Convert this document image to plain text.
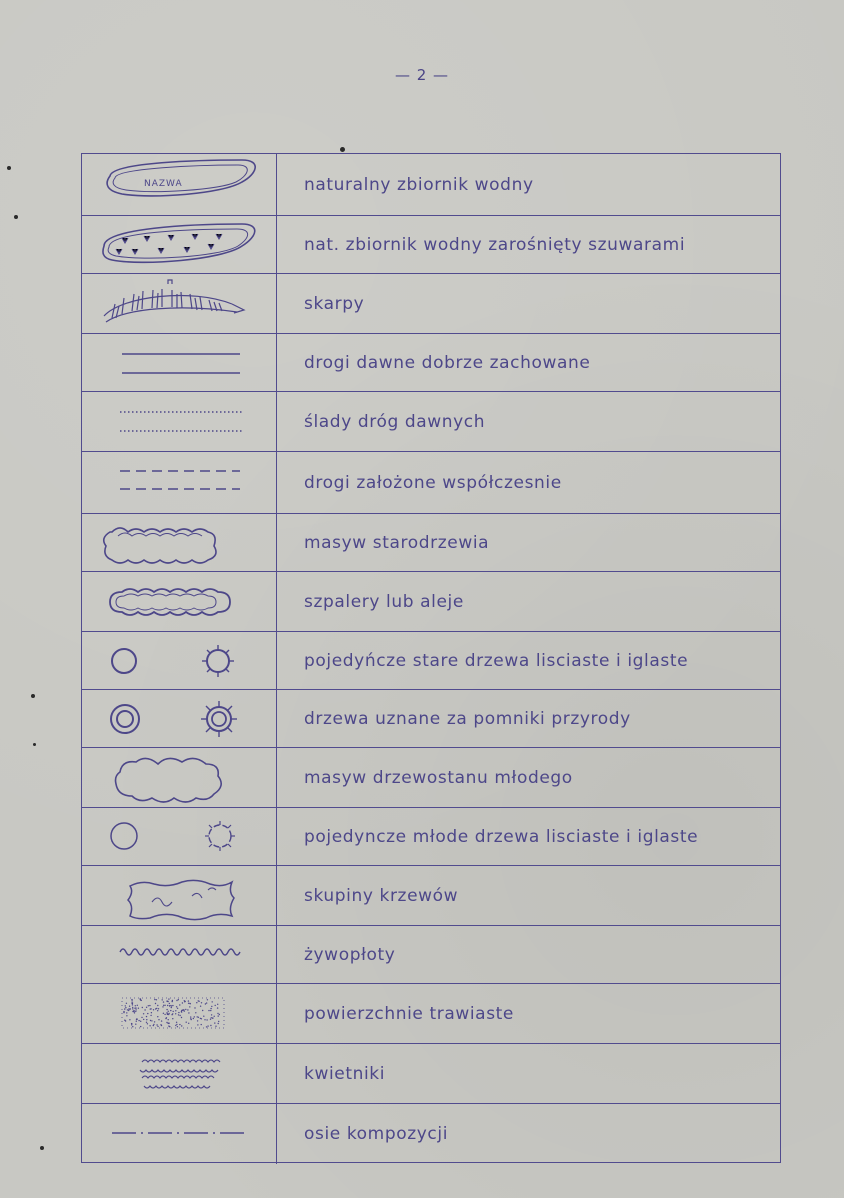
— 2 —
NAZWA	naturalny zbiornik wodny
nat. zbiornik wodny zarośnięty szuwarami
skarpy
drogi dawne dobrze zachowane
ślady dróg dawnych
drogi założone współczesnie
masyw starodrzewia
szpalery lub aleje
pojedyńcze stare drzewa lisciaste i iglaste
drzewa uznane za pomniki przyrody
masyw drzewostanu młodego
pojedyncze młode drzewa lisciaste i iglaste
skupiny krzewów
żywopłoty
powierzchnie trawiaste
kwietniki
osie kompozycji
